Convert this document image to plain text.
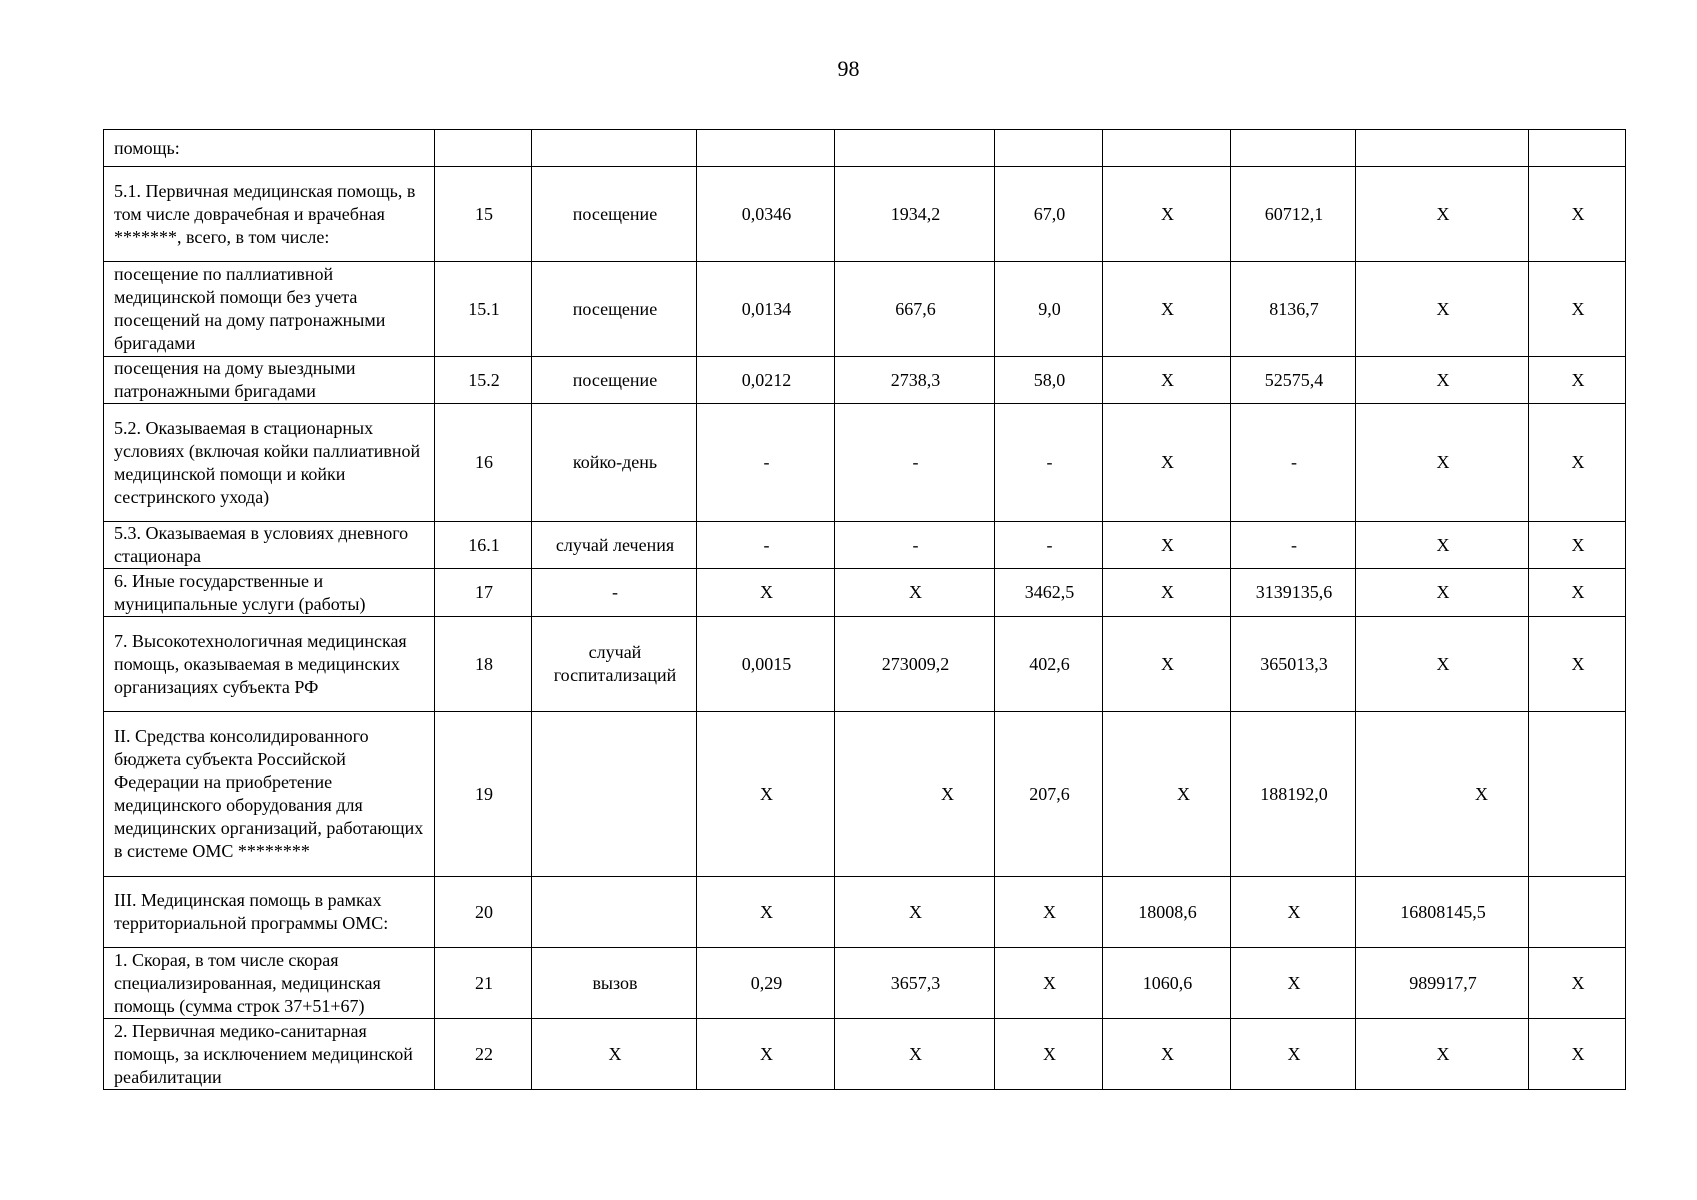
98
помощь:									
5.1. Первичная медицинская помощь, в том числе доврачебная и врачебная *******, всего, в том числе:	15	посещение	0,0346	1934,2	67,0	Х	60712,1	Х	Х
посещение по паллиативной медицинской помощи без учета посещений на дому патронажными бригадами	15.1	посещение	0,0134	667,6	9,0	Х	8136,7	Х	Х
посещения на дому выездными патронажными бригадами	15.2	посещение	0,0212	2738,3	58,0	Х	52575,4	Х	Х
5.2. Оказываемая в стационарных условиях (включая койки паллиативной медицинской помощи и койки сестринского ухода)	16	койко-день	-	-	-	Х	-	Х	Х
5.3. Оказываемая в условиях дневного стационара	16.1	случай лечения	-	-	-	Х	-	Х	Х
6. Иные государственные и муниципальные услуги (работы)	17	-	Х	Х	3462,5	Х	3139135,6	Х	Х
7. Высокотехнологичная медицинская помощь, оказываемая в медицинских организациях субъекта РФ	18	случай госпитализаций	0,0015	273009,2	402,6	Х	365013,3	Х	Х
II. Средства консолидированного бюджета субъекта Российской Федерации на приобретение медицинского оборудования для медицинских организаций, работающих в системе ОМС ********	19		Х	Х	207,6	Х	188192,0	Х	
III. Медицинская помощь в рамках территориальной программы ОМС:	20		Х	Х	Х	18008,6	Х	16808145,5	
1. Скорая, в том числе скорая специализированная, медицинская помощь (сумма строк 37+51+67)	21	вызов	0,29	3657,3	Х	1060,6	Х	989917,7	Х
2. Первичная медико-санитарная помощь, за исключением медицинской реабилитации	22	Х	Х	Х	Х	Х	Х	Х	Х
